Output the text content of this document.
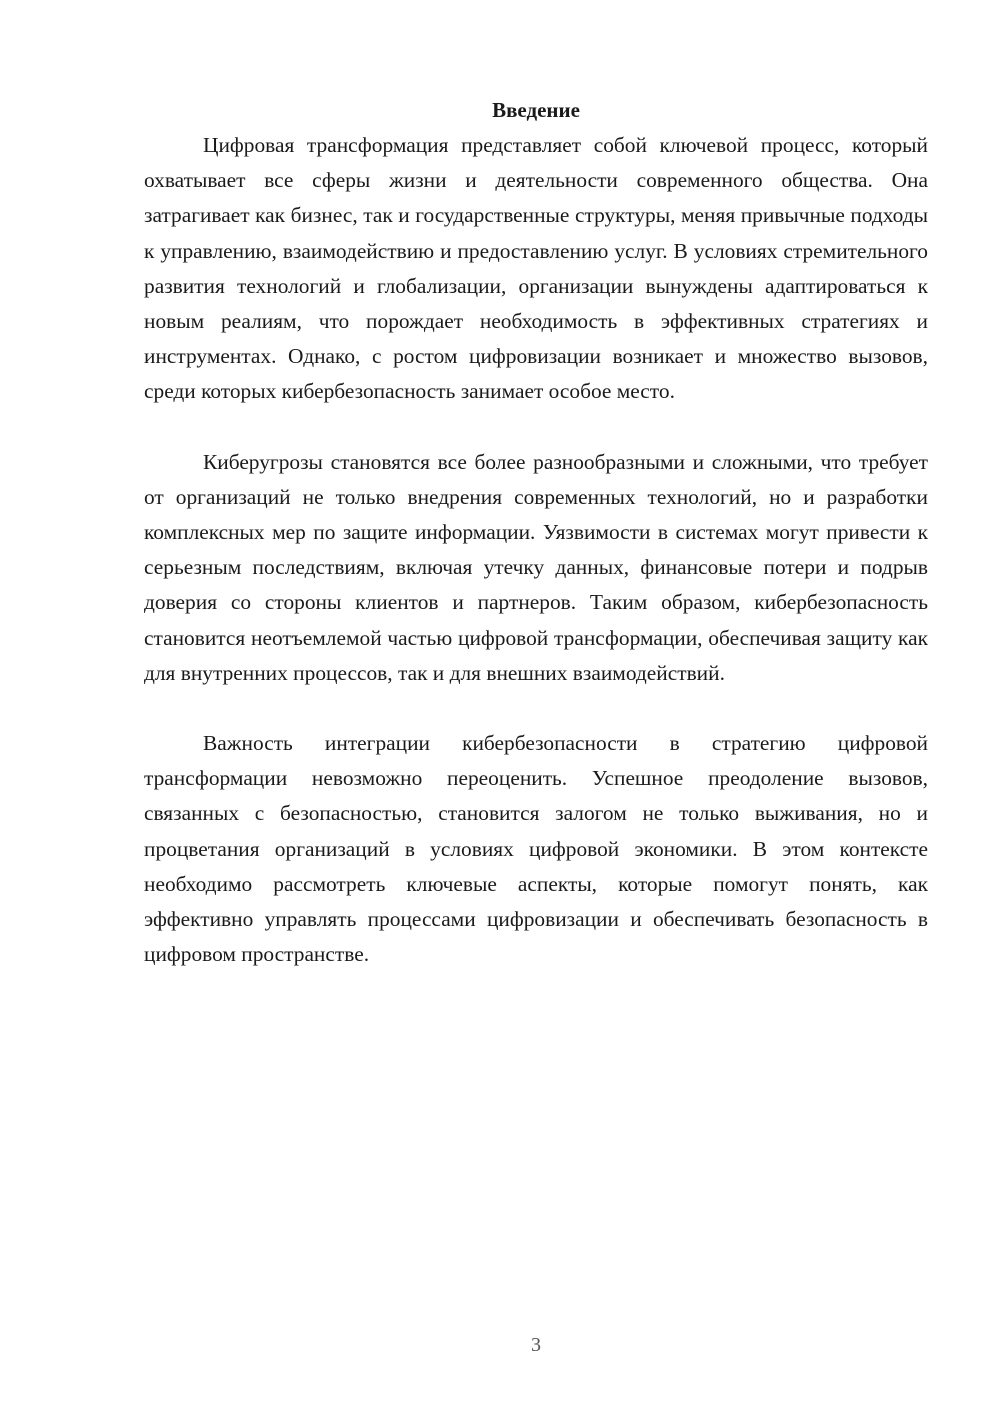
Введение

Цифровая трансформация представляет собой ключевой процесс, который охватывает все сферы жизни и деятельности современного общества. Она затрагивает как бизнес, так и государственные структуры, меняя привычные подходы к управлению, взаимодействию и предоставлению услуг. В условиях стремительного развития технологий и глобализации, организации вынуждены адаптироваться к новым реалиям, что порождает необходимость в эффективных стратегиях и инструментах. Однако, с ростом цифровизации возникает и множество вызовов, среди которых кибербезопасность занимает особое место.

Киберугрозы становятся все более разнообразными и сложными, что требует от организаций не только внедрения современных технологий, но и разработки комплексных мер по защите информации. Уязвимости в системах могут привести к серьезным последствиям, включая утечку данных, финансовые потери и подрыв доверия со стороны клиентов и партнеров. Таким образом, кибербезопасность становится неотъемлемой частью цифровой трансформации, обеспечивая защиту как для внутренних процессов, так и для внешних взаимодействий.

Важность интеграции кибербезопасности в стратегию цифровой трансформации невозможно переоценить. Успешное преодоление вызовов, связанных с безопасностью, становится залогом не только выживания, но и процветания организаций в условиях цифровой экономики. В этом контексте необходимо рассмотреть ключевые аспекты, которые помогут понять, как эффективно управлять процессами цифровизации и обеспечивать безопасность в цифровом пространстве.

3
